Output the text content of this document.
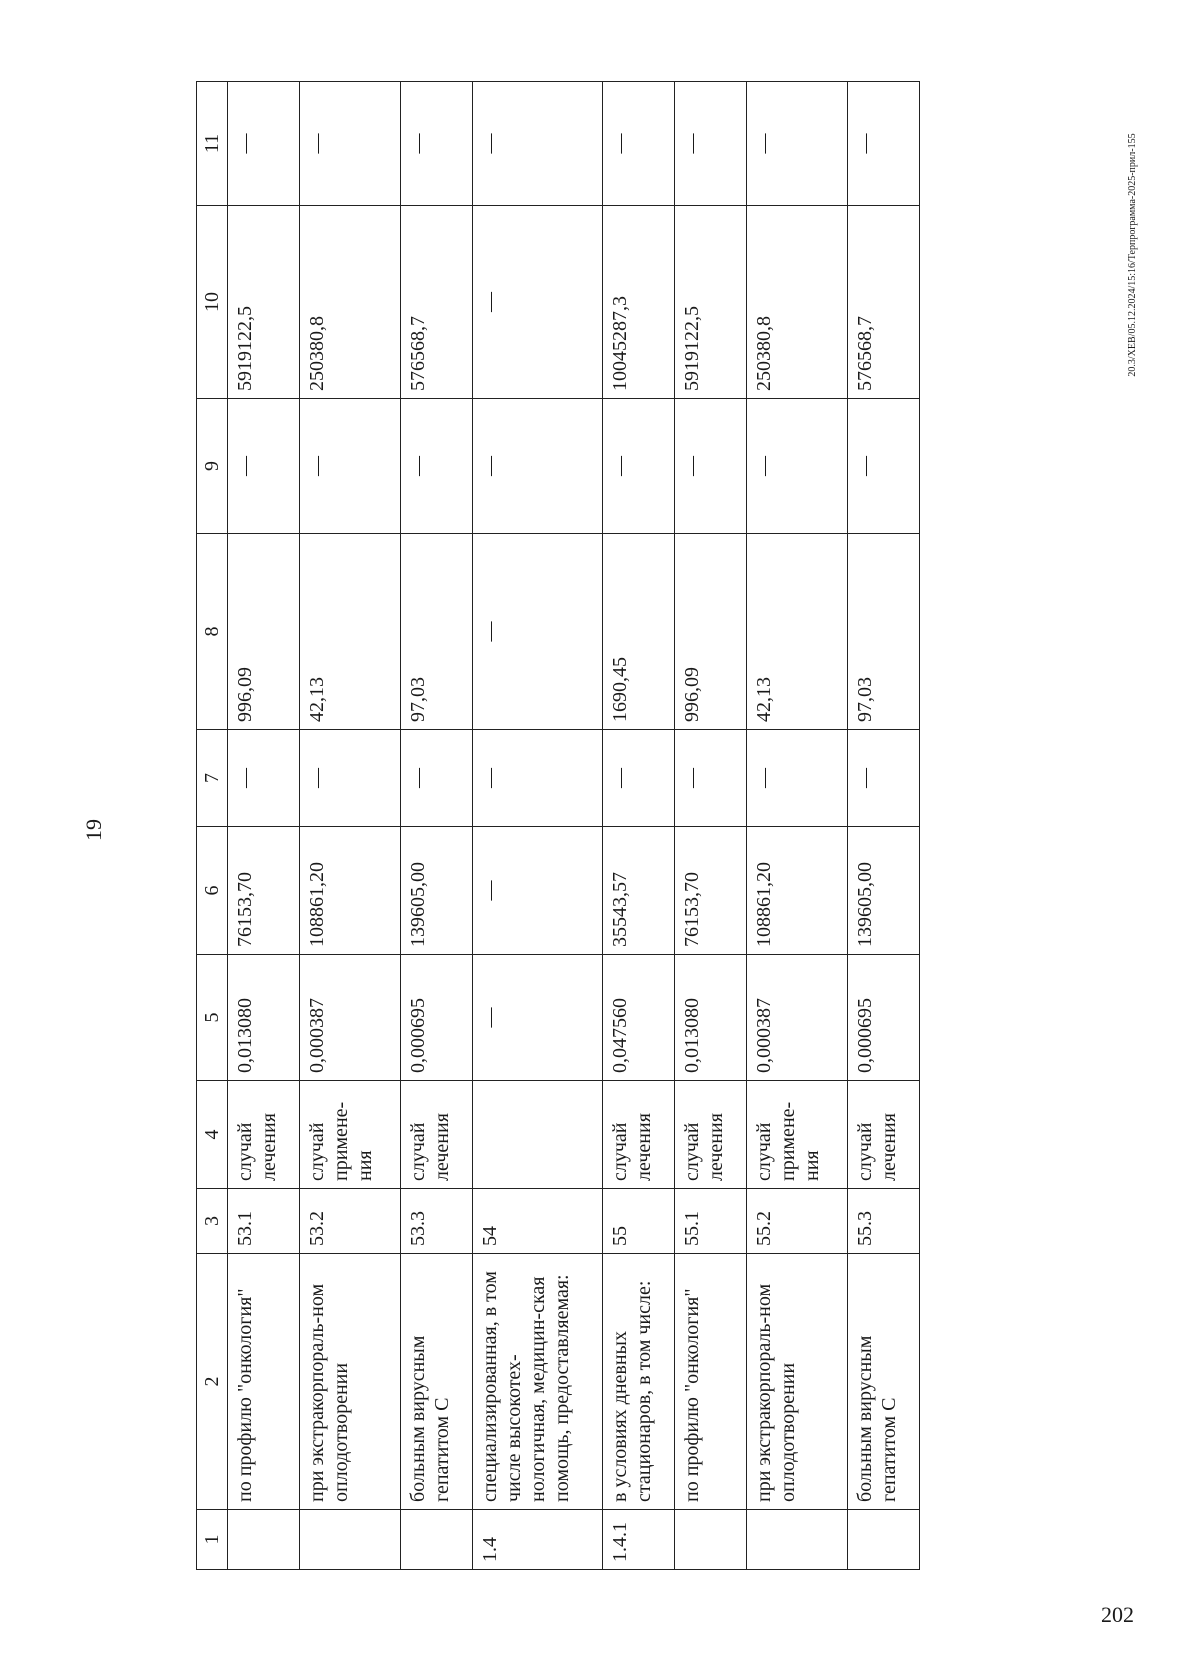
19
20.3/XEB/05.12.2024/15:16/Терпрограмма-2025-прил-155
1	2	3	4	5	6	7	8	9	10	11
	по профилю "онкология"	53.1	случай лечения	0,013080	76153,70	—	996,09	—	5919122,5	—
	при экстракорпораль-ном оплодотворении	53.2	случай примене-ния	0,000387	108861,20	—	42,13	—	250380,8	—
	больным вирусным гепатитом С	53.3	случай лечения	0,000695	139605,00	—	97,03	—	576568,7	—
1.4	специализированная, в том числе высокотех-нологичная, медицин-ская помощь, предоставляемая:	54		—	—	—	—	—	—	—
1.4.1	в условиях дневных стационаров, в том числе:	55	случай лечения	0,047560	35543,57	—	1690,45	—	10045287,3	—
	по профилю "онкология"	55.1	случай лечения	0,013080	76153,70	—	996,09	—	5919122,5	—
	при экстракорпораль-ном оплодотворении	55.2	случай примене-ния	0,000387	108861,20	—	42,13	—	250380,8	—
	больным вирусным гепатитом С	55.3	случай лечения	0,000695	139605,00	—	97,03	—	576568,7	—
202
